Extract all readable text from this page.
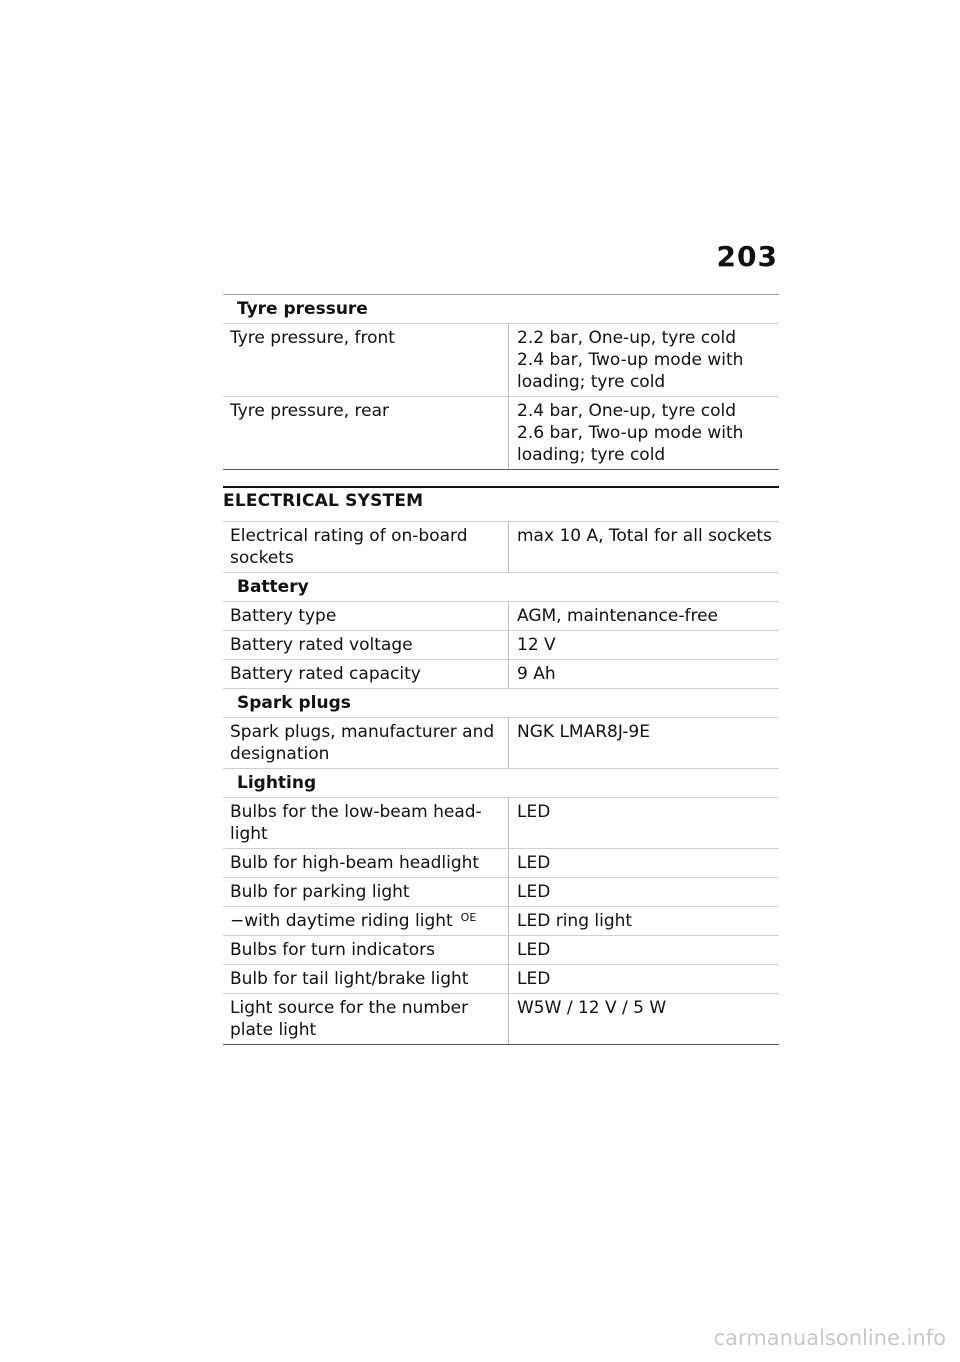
203
Tyre pressure	
Tyre pressure, front	2.2 bar, One-up, tyre cold
2.4 bar, Two-up mode with loading; tyre cold

Tyre pressure, rear	2.4 bar, One-up, tyre cold
2.6 bar, Two-up mode with loading; tyre cold
ELECTRICAL SYSTEM
Electrical rating of on-board sockets	max 10 A, Total for all sockets
Battery	
Battery type	AGM, maintenance-free
Battery rated voltage	12 V
Battery rated capacity	9 Ah
Spark plugs	
Spark plugs, manufacturer and designation	NGK LMAR8J-9E
Lighting	
Bulbs for the low-beam head-light	LED
Bulb for high-beam headlight	LED
Bulb for parking light	LED
−with daytime riding light $^{OE}$	LED ring light
Bulbs for turn indicators	LED
Bulb for tail light/brake light	LED
Light source for the number plate light	W5W / 12 V / 5 W
carmanualsonline.info
